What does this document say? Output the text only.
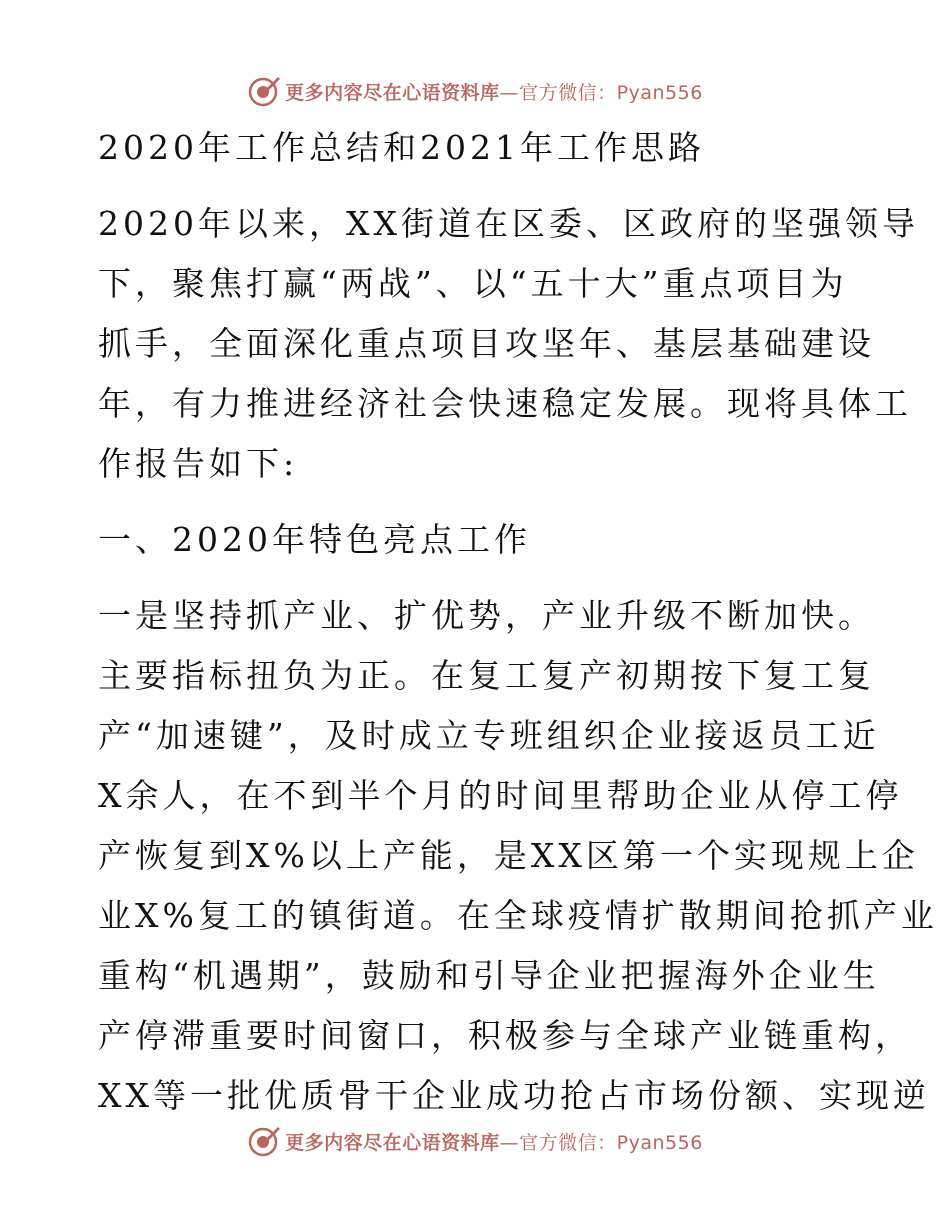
更多内容尽在心语资料库—官方微信：Pyan556
2020年工作总结和2021年工作思路
2020年以来，XX街道在区委、区政府的坚强领导
下，聚焦打赢“两战”、以“五十大”重点项目为
抓手，全面深化重点项目攻坚年、基层基础建设
年，有力推进经济社会快速稳定发展。现将具体工
作报告如下:
一、2020年特色亮点工作
一是坚持抓产业、扩优势，产业升级不断加快。
主要指标扭负为正。在复工复产初期按下复工复
产“加速键”，及时成立专班组织企业接返员工近
X余人，在不到半个月的时间里帮助企业从停工停
产恢复到X%以上产能，是XX区第一个实现规上企
业X%复工的镇街道。在全球疫情扩散期间抢抓产业
重构“机遇期”，鼓励和引导企业把握海外企业生
产停滞重要时间窗口，积极参与全球产业链重构，
XX等一批优质骨干企业成功抢占市场份额、实现逆
更多内容尽在心语资料库—官方微信：Pyan556
